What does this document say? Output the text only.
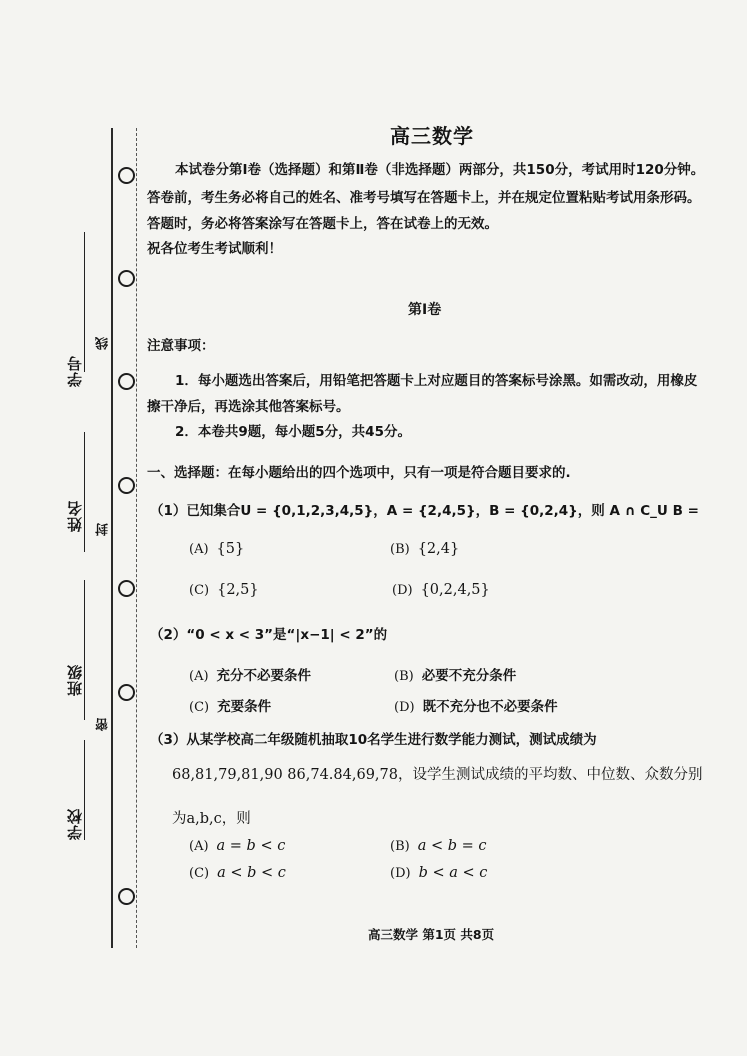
学号
姓名
班级
学校
线
封
密
高三数学
本试卷分第Ⅰ卷（选择题）和第Ⅱ卷（非选择题）两部分，共150分，考试用时120分钟。
答卷前，考生务必将自己的姓名、准考号填写在答题卡上，并在规定位置粘贴考试用条形码。
答题时，务必将答案涂写在答题卡上，答在试卷上的无效。
祝各位考生考试顺利！
第Ⅰ卷
注意事项：
1．每小题选出答案后，用铅笔把答题卡上对应题目的答案标号涂黑。如需改动，用橡皮
擦干净后，再选涂其他答案标号。
2．本卷共9题，每小题5分，共45分。
一、选择题：在每小题给出的四个选项中，只有一项是符合题目要求的.
（1）已知集合U = {0,1,2,3,4,5}，A = {2,4,5}，B = {0,2,4}，则 A ∩ C_U B =
(A) {5}	(B) {2,4}
(C) {2,5}	(D) {0,2,4,5}
（2）“0 < x < 3”是“|x−1| < 2”的
(A) 充分不必要条件	(B) 必要不充分条件
(C) 充要条件	(D) 既不充分也不必要条件
（3）从某学校高二年级随机抽取10名学生进行数学能力测试，测试成绩为
68,81,79,81,90 86,74.84,69,78，设学生测试成绩的平均数、中位数、众数分别
为a,b,c，则
(A) a = b < c	(B) a < b = c
(C) a < b < c	(D) b < a < c
高三数学 第1页 共8页
